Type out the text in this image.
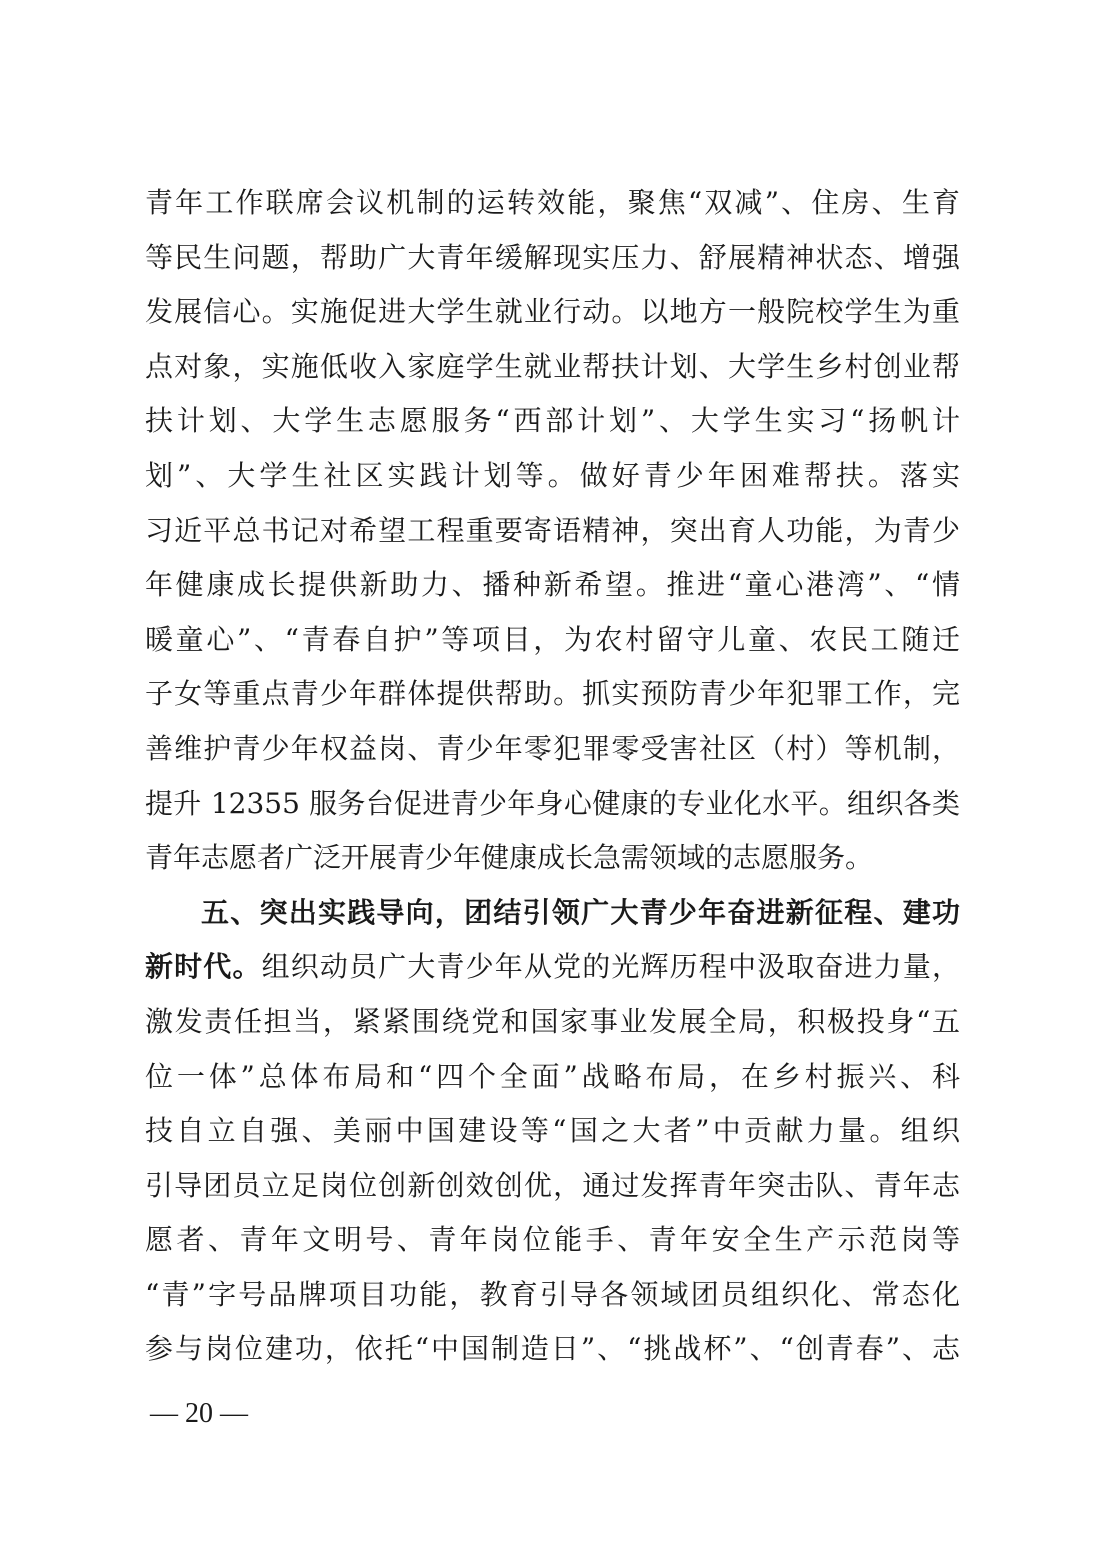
青年工作联席会议机制的运转效能，聚焦“双减”、住房、生育
等民生问题，帮助广大青年缓解现实压力、舒展精神状态、增强
发展信心。实施促进大学生就业行动。以地方一般院校学生为重
点对象，实施低收入家庭学生就业帮扶计划、大学生乡村创业帮
扶计划、大学生志愿服务“西部计划”、大学生实习“扬帆计
划”、大学生社区实践计划等。做好青少年困难帮扶。落实
习近平总书记对希望工程重要寄语精神，突出育人功能，为青少
年健康成长提供新助力、播种新希望。推进“童心港湾”、“情
暖童心”、“青春自护”等项目，为农村留守儿童、农民工随迁
子女等重点青少年群体提供帮助。抓实预防青少年犯罪工作，完
善维护青少年权益岗、青少年零犯罪零受害社区（村）等机制，
提升 12355 服务台促进青少年身心健康的专业化水平。组织各类
青年志愿者广泛开展青少年健康成长急需领域的志愿服务。
五、突出实践导向，团结引领广大青少年奋进新征程、建功
新时代。组织动员广大青少年从党的光辉历程中汲取奋进力量，
激发责任担当，紧紧围绕党和国家事业发展全局，积极投身“五
位一体”总体布局和“四个全面”战略布局，在乡村振兴、科
技自立自强、美丽中国建设等“国之大者”中贡献力量。组织
引导团员立足岗位创新创效创优，通过发挥青年突击队、青年志
愿者、青年文明号、青年岗位能手、青年安全生产示范岗等
“青”字号品牌项目功能，教育引导各领域团员组织化、常态化
参与岗位建功，依托“中国制造日”、“挑战杯”、“创青春”、志
— 20 —
